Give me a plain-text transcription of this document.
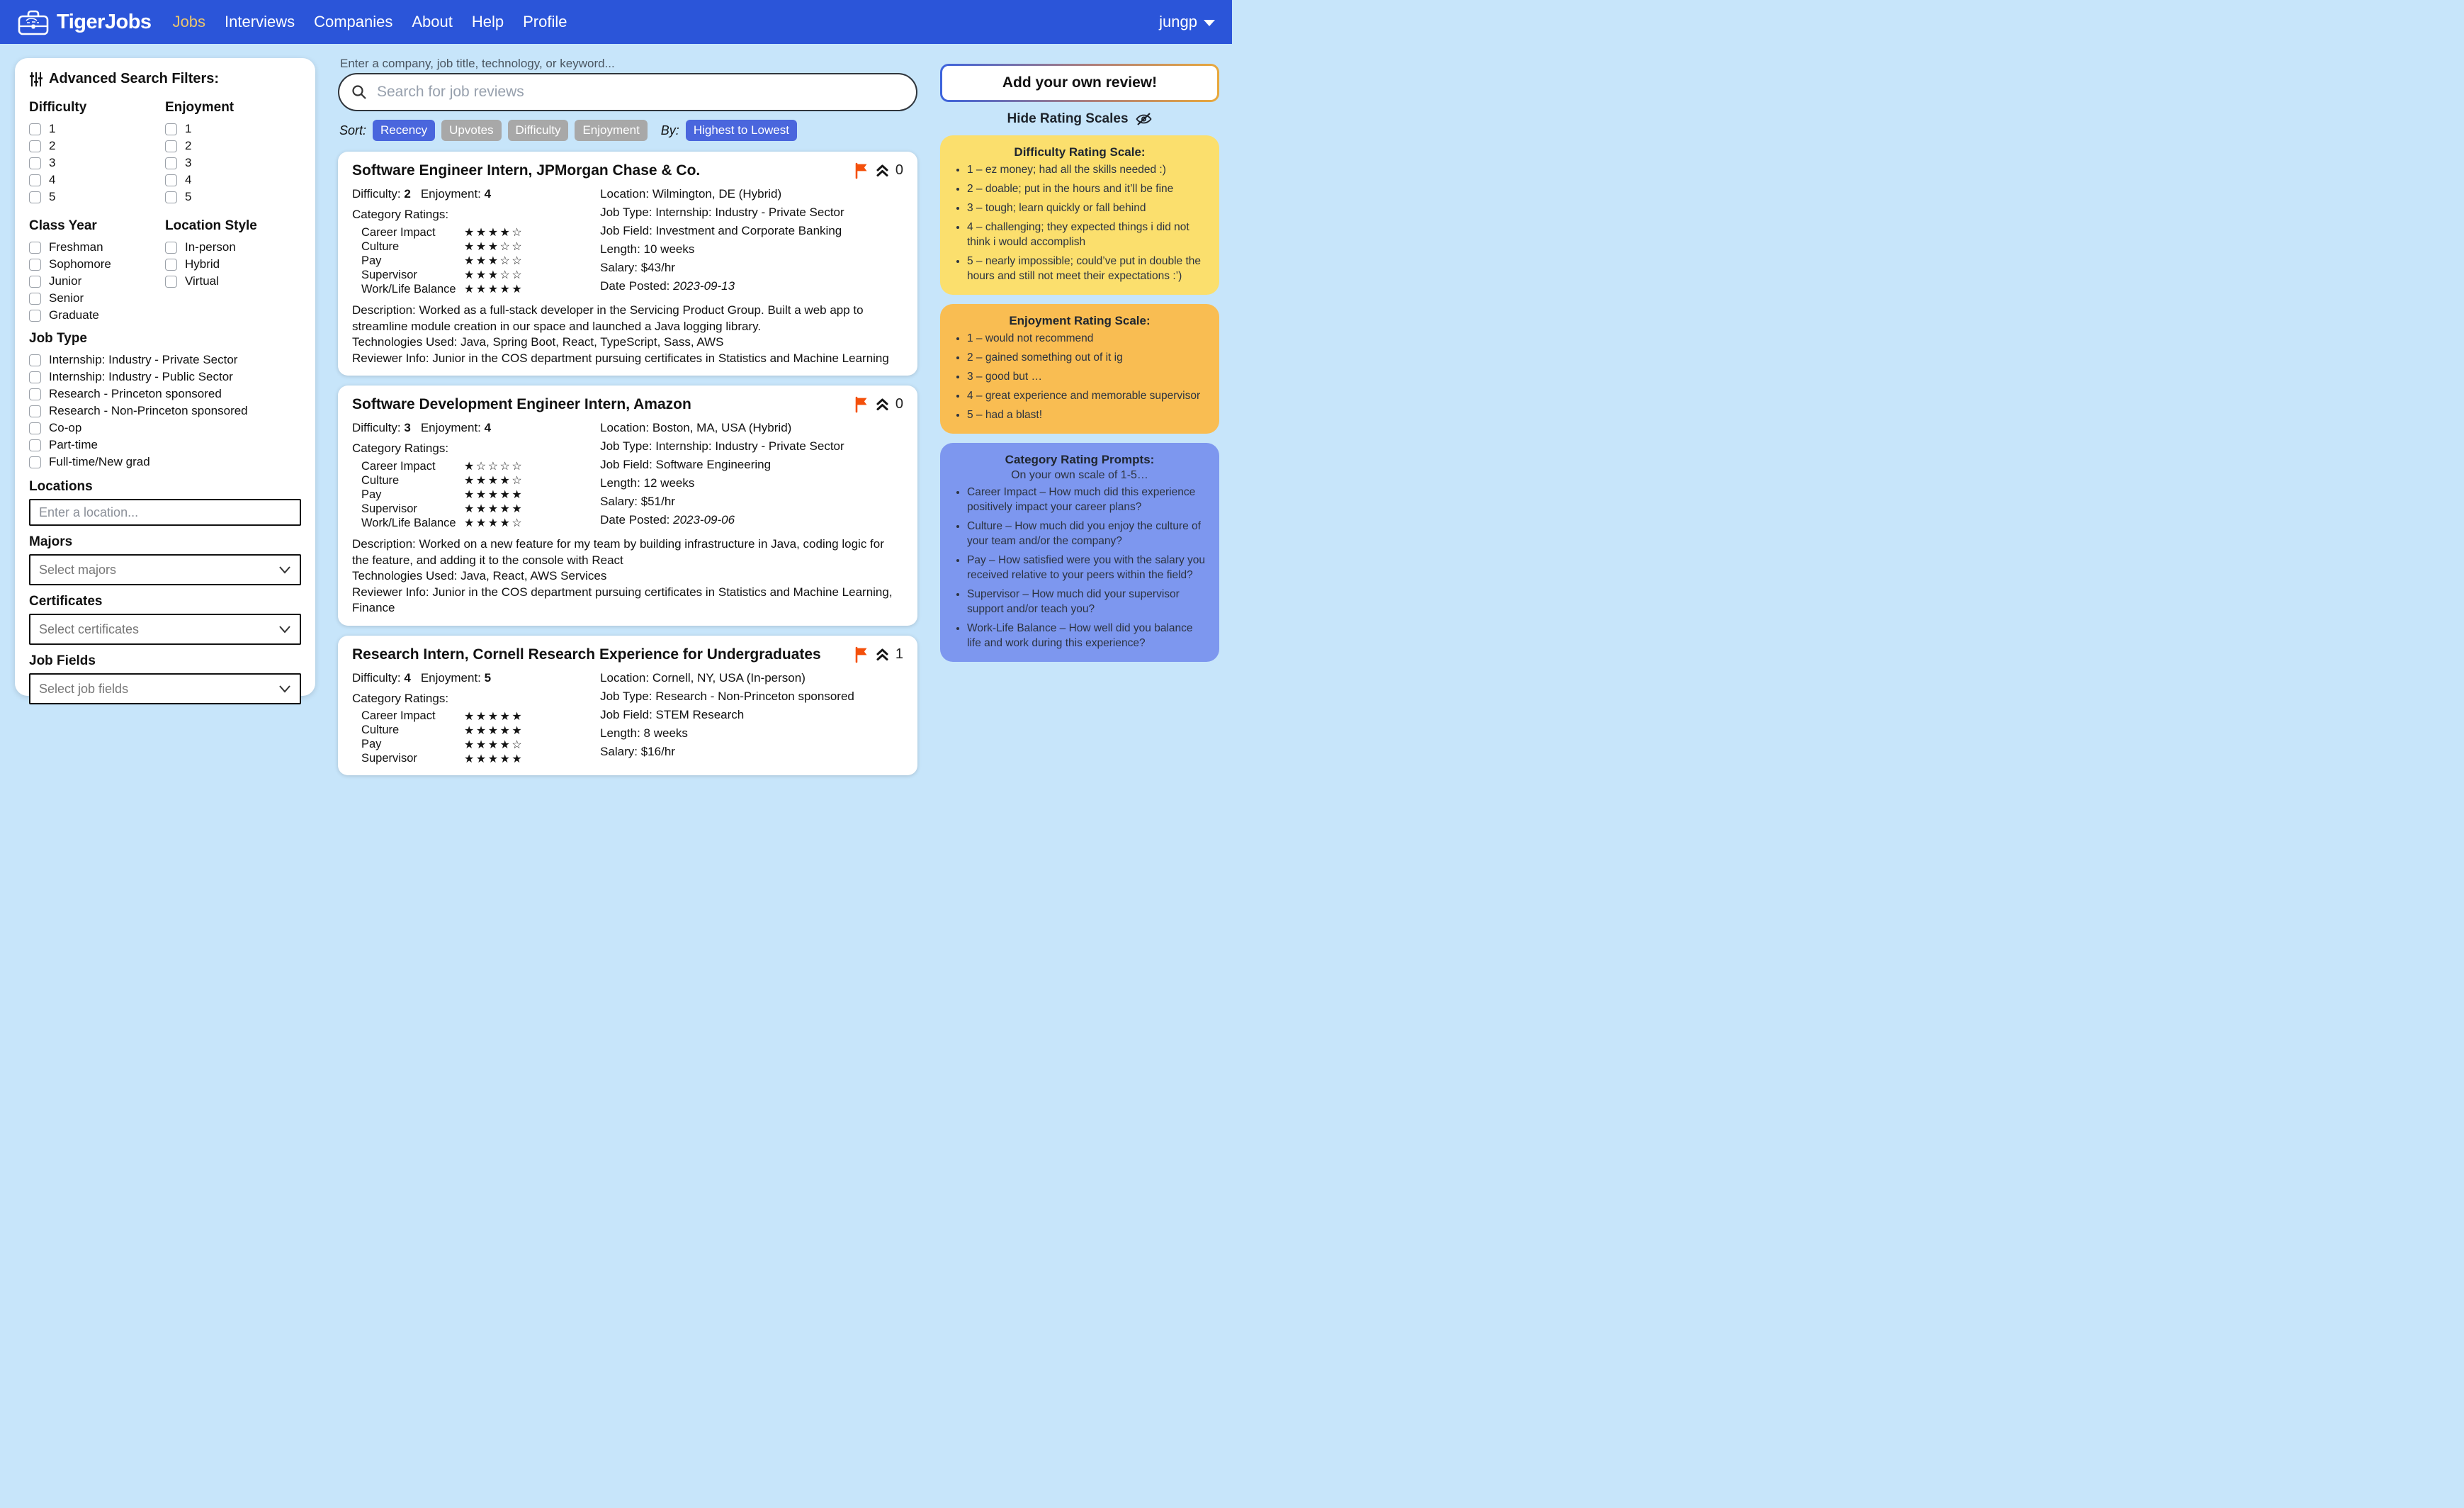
TigerJobs Jobs Interviews Companies About Help Profile	jungp
Advanced Search Filters:
Difficulty
1
2
3
4
5
Enjoyment
1
2
3
4
5
Class Year
Freshman
Sophomore
Junior
Senior
Graduate
Location Style
In-person
Hybrid
Virtual
Job Type
Internship: Industry - Private Sector
Internship: Industry - Public Sector
Research - Princeton sponsored
Research - Non-Princeton sponsored
Co-op
Part-time
Full-time/New grad
Locations
Enter a location...
Majors
Select majors
Certificates
Select certificates
Job Fields
Select job fields
Enter a company, job title, technology, or keyword...
Search for job reviews
Sort:	Recency	Upvotes	Difficulty	Enjoyment	By:	Highest to Lowest
Software Engineer Intern, JPMorgan Chase & Co.	0
Difficulty: 2 Enjoyment: 4
Category Ratings:
Career Impact	★★★★☆
Culture	★★★☆☆
Pay	★★★☆☆
Supervisor	★★★☆☆
Work/Life Balance ★★★★★
Location: Wilmington, DE (Hybrid)
Job Type: Internship: Industry - Private Sector
Job Field: Investment and Corporate Banking
Length: 10 weeks
Salary: $43/hr
Date Posted: 2023-09-13
Description: Worked as a full-stack developer in the Servicing Product Group. Built a web app to streamline module creation in our space and launched a Java logging library.
Technologies Used: Java, Spring Boot, React, TypeScript, Sass, AWS
Reviewer Info: Junior in the COS department pursuing certificates in Statistics and Machine Learning
Software Development Engineer Intern, Amazon	0
Difficulty: 3 Enjoyment: 4
Category Ratings:
Career Impact	★☆☆☆☆
Culture	★★★★☆
Pay	★★★★★
Supervisor	★★★★★
Work/Life Balance ★★★★☆
Location: Boston, MA, USA (Hybrid)
Job Type: Internship: Industry - Private Sector
Job Field: Software Engineering
Length: 12 weeks
Salary: $51/hr
Date Posted: 2023-09-06
Description: Worked on a new feature for my team by building infrastructure in Java, coding logic for the feature, and adding it to the console with React
Technologies Used: Java, React, AWS Services
Reviewer Info: Junior in the COS department pursuing certificates in Statistics and Machine Learning, Finance
Research Intern, Cornell Research Experience for Undergraduates	1
Difficulty: 4 Enjoyment: 5
Category Ratings:
Career Impact	★★★★★
Culture	★★★★★
Pay	★★★★☆
Supervisor	★★★★★
Location: Cornell, NY, USA (In-person)
Job Type: Research - Non-Princeton sponsored
Job Field: STEM Research
Length: 8 weeks
Salary: $16/hr
Add your own review!
Hide Rating Scales
Difficulty Rating Scale:
• 1 – ez money; had all the skills needed :)
• 2 – doable; put in the hours and it’ll be fine
• 3 – tough; learn quickly or fall behind
• 4 – challenging; they expected things i did not think i would accomplish
• 5 – nearly impossible; could’ve put in double the hours and still not meet their expectations :’)
Enjoyment Rating Scale:
• 1 – would not recommend
• 2 – gained something out of it ig
• 3 – good but …
• 4 – great experience and memorable supervisor
• 5 – had a blast!
Category Rating Prompts:
On your own scale of 1-5…
• Career Impact – How much did this experience positively impact your career plans?
• Culture – How much did you enjoy the culture of your team and/or the company?
• Pay – How satisfied were you with the salary you received relative to your peers within the field?
• Supervisor – How much did your supervisor support and/or teach you?
• Work-Life Balance – How well did you balance life and work during this experience?
